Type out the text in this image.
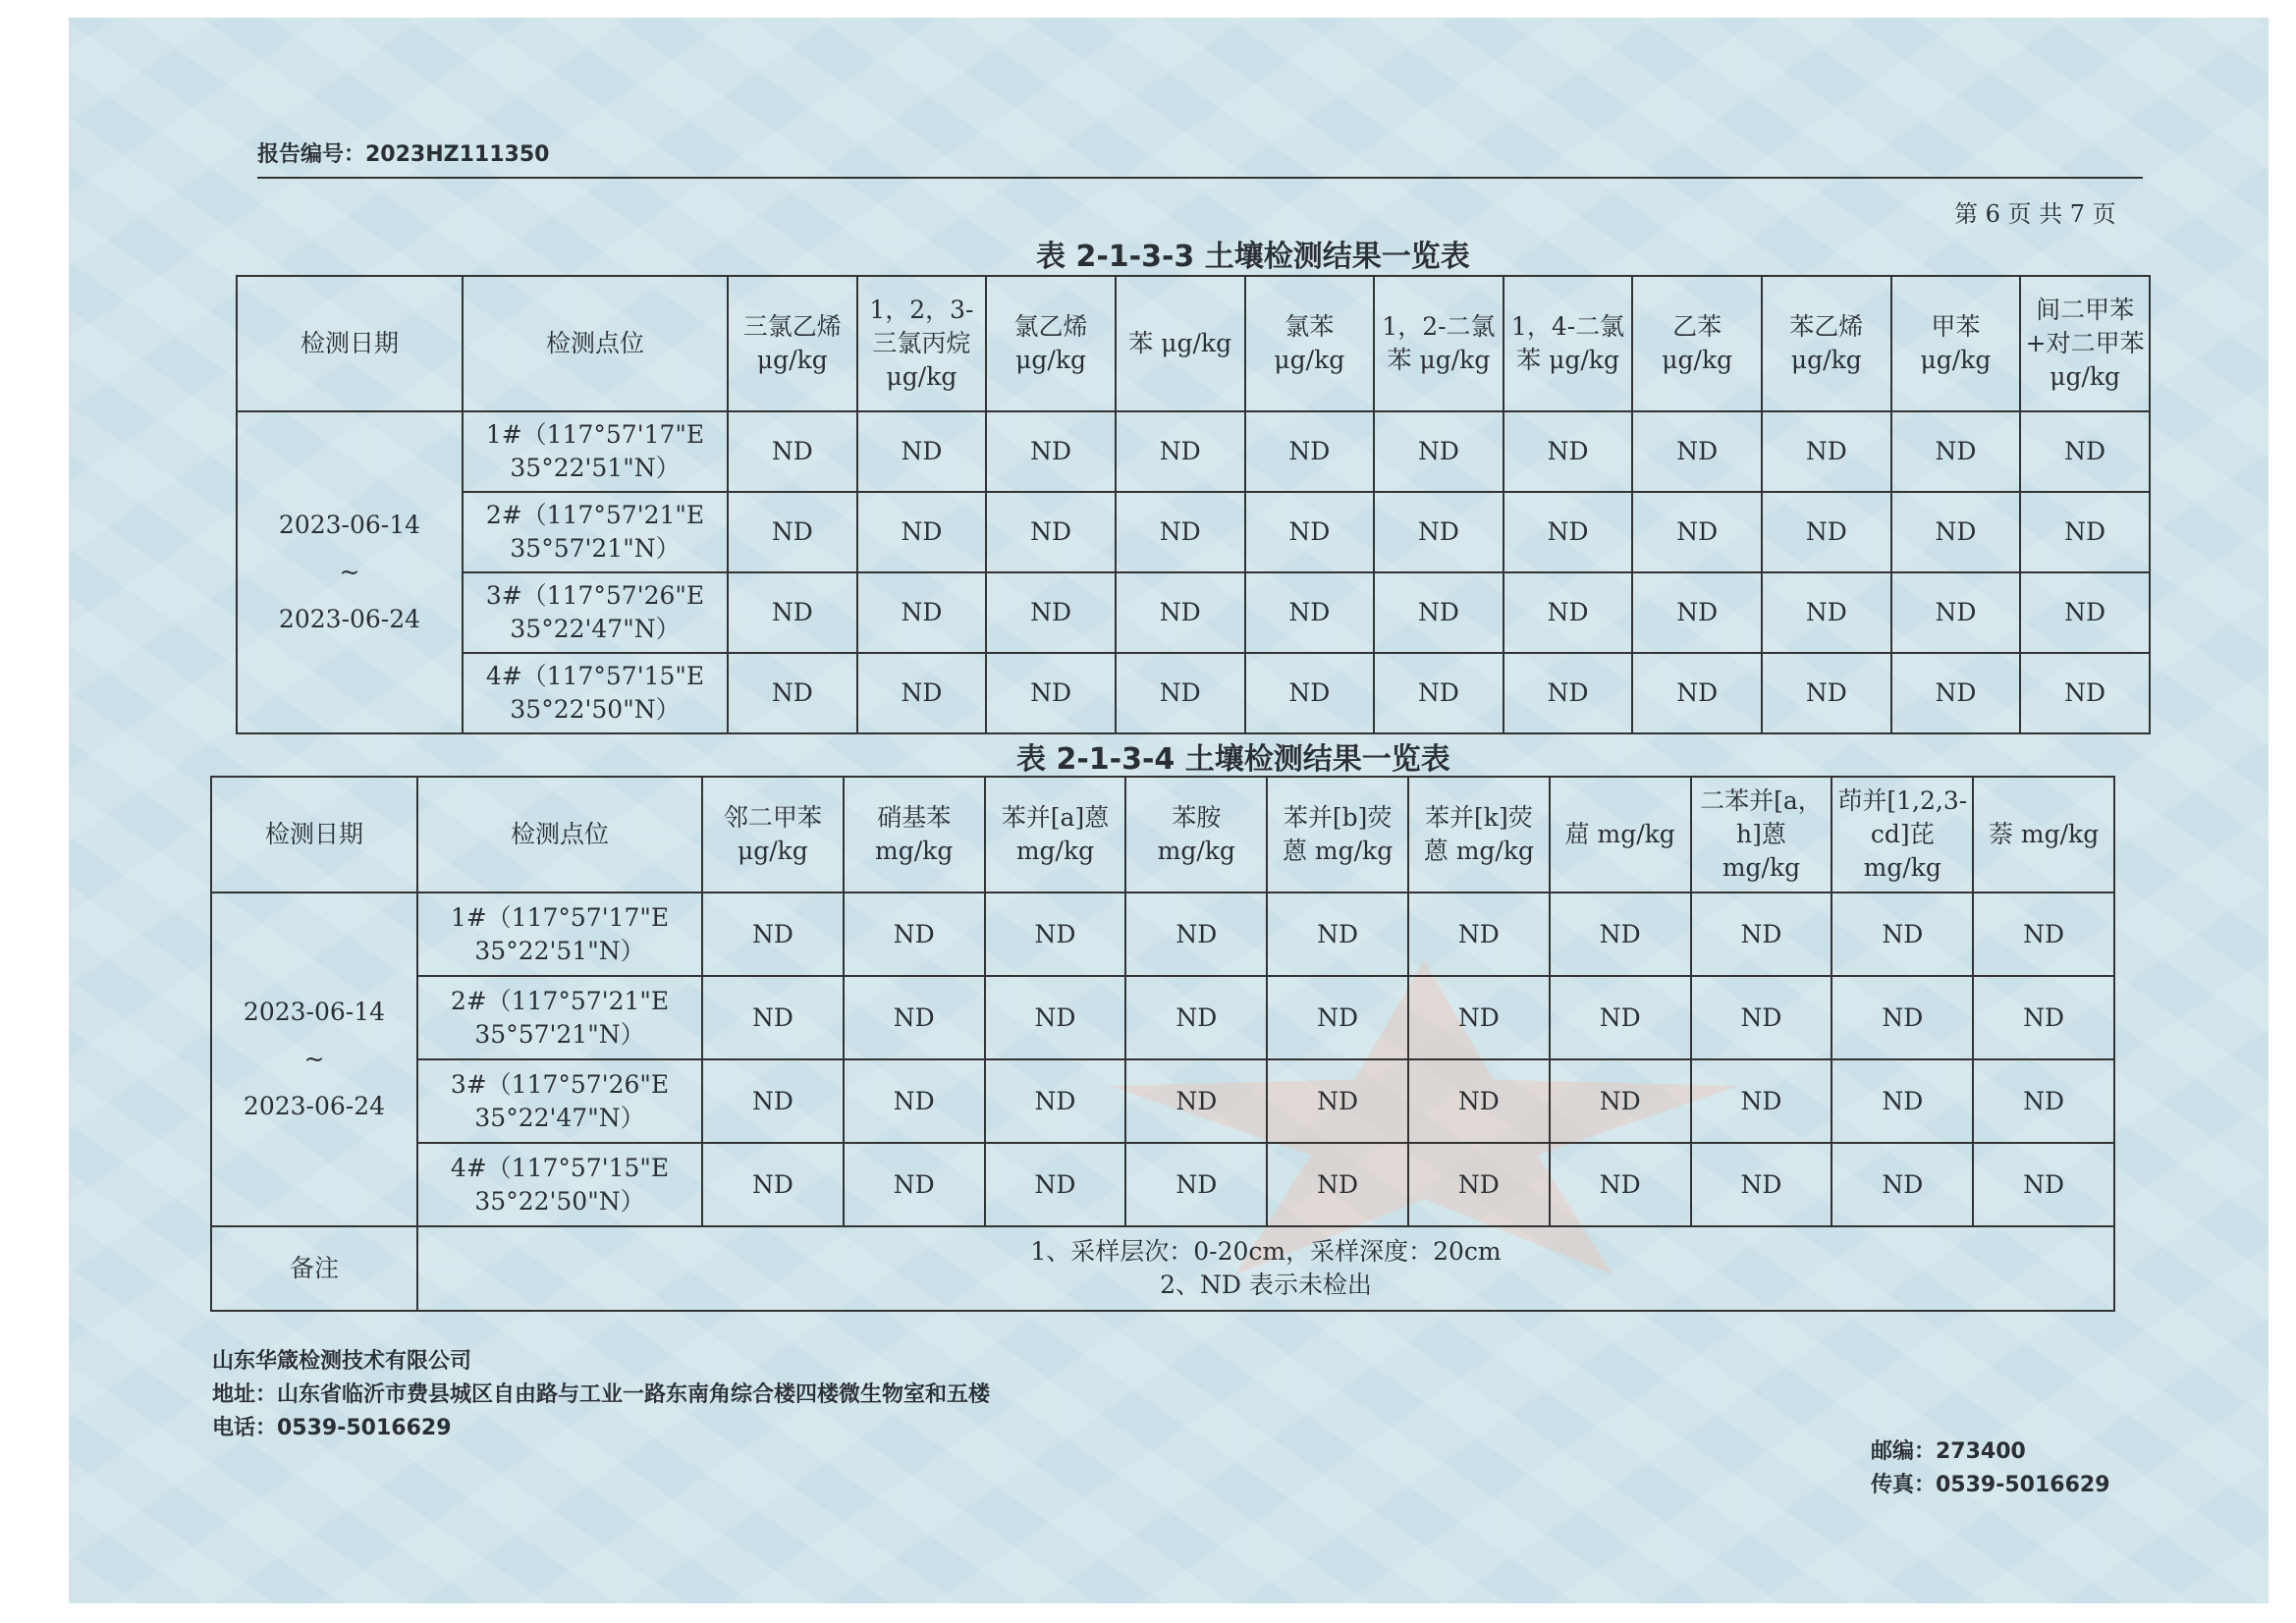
报告编号：2023HZ111350
第 6 页 共 7 页
表 2-1-3-3 土壤检测结果一览表
检测日期	检测点位	三氯乙烯 μg/kg	1，2，3-三氯丙烷 μg/kg	氯乙烯 μg/kg	苯 μg/kg	氯苯 μg/kg	1，2-二氯苯 μg/kg	1，4-二氯苯 μg/kg	乙苯 μg/kg	苯乙烯 μg/kg	甲苯 μg/kg	间二甲苯+对二甲苯μg/kg

2023-06-14
~
2023-06-24	1#（117°57'17"E 35°22'51"N）	ND	ND	ND	ND	ND	ND	ND	ND	ND	ND	ND
	2#（117°57'21"E 35°57'21"N）	ND	ND	ND	ND	ND	ND	ND	ND	ND	ND	ND
	3#（117°57'26"E 35°22'47"N）	ND	ND	ND	ND	ND	ND	ND	ND	ND	ND	ND
	4#（117°57'15"E 35°22'50"N）	ND	ND	ND	ND	ND	ND	ND	ND	ND	ND	ND
表 2-1-3-4 土壤检测结果一览表
检测日期	检测点位	邻二甲苯 μg/kg	硝基苯 mg/kg	苯并[a]蒽 mg/kg	苯胺 mg/kg	苯并[b]荧蒽 mg/kg	苯并[k]荧蒽 mg/kg	䓛 mg/kg	二苯并[a，h]蒽 mg/kg	茚并[1,2,3-cd]芘 mg/kg	萘 mg/kg

2023-06-14
~
2023-06-24	1#（117°57'17"E 35°22'51"N）	ND	ND	ND	ND	ND	ND	ND	ND	ND	ND
	2#（117°57'21"E 35°57'21"N）	ND	ND	ND	ND	ND	ND	ND	ND	ND	ND
	3#（117°57'26"E 35°22'47"N）	ND	ND	ND	ND	ND	ND	ND	ND	ND	ND
	4#（117°57'15"E 35°22'50"N）	ND	ND	ND	ND	ND	ND	ND	ND	ND	ND
备注	1、采样层次：0-20cm，采样深度：20cm
2、ND 表示未检出										
山东华箴检测技术有限公司
地址：山东省临沂市费县城区自由路与工业一路东南角综合楼四楼微生物室和五楼
电话：0539-5016629
邮编：273400
传真：0539-5016629
